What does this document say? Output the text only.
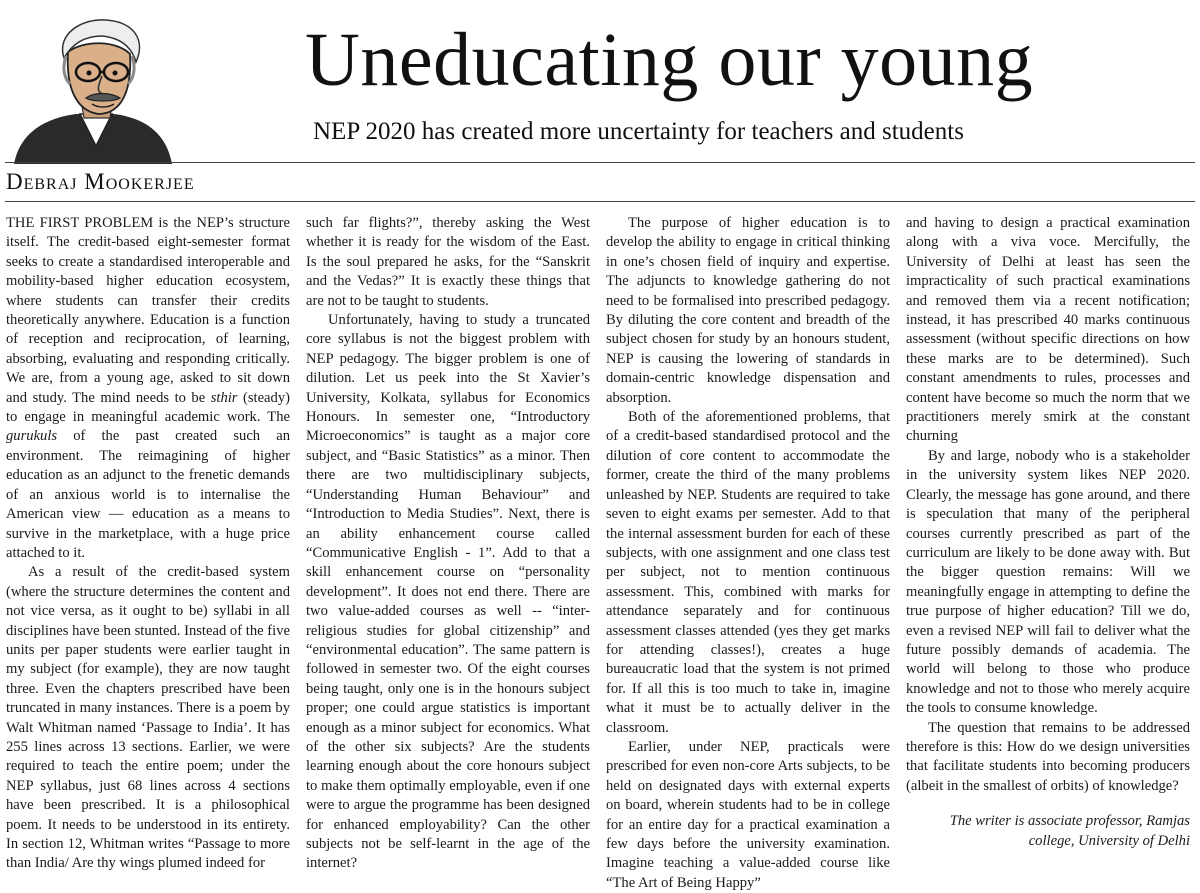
Uneducating our young
NEP 2020 has created more uncertainty for teachers and students
Debraj Mookerjee

THE FIRST PROBLEM is the NEP’s structure itself. The credit-based eight-semester format seeks to create a standardised interoperable and mobility-based higher education ecosystem, where students can transfer their credits theoretically anywhere. Education is a function of reception and reciprocation, of learning, absorbing, evaluating and responding critically. We are, from a young age, asked to sit down and study. The mind needs to be sthir (steady) to engage in meaningful academic work. The gurukuls of the past created such an environment. The reimagining of higher education as an adjunct to the frenetic demands of an anxious world is to internalise the American view — education as a means to survive in the marketplace, with a huge price attached to it.

As a result of the credit-based system (where the structure determines the content and not vice versa, as it ought to be) syllabi in all disciplines have been stunted. Instead of the five units per paper students were earlier taught in my subject (for example), they are now taught three. Even the chapters prescribed have been truncated in many instances. There is a poem by Walt Whitman named ‘Passage to India’. It has 255 lines across 13 sections. Earlier, we were required to teach the entire poem; under the NEP syllabus, just 68 lines across 4 sections have been prescribed. It is a philosophical poem. It needs to be understood in its entirety. In section 12, Whitman writes “Passage to more than India/ Are thy wings plumed indeed for

such far flights?”, thereby asking the West whether it is ready for the wisdom of the East. Is the soul prepared he asks, for the “Sanskrit and the Vedas?” It is exactly these things that are not to be taught to students.

Unfortunately, having to study a truncated core syllabus is not the biggest problem with NEP pedagogy. The bigger problem is one of dilution. Let us peek into the St Xavier’s University, Kolkata, syllabus for Economics Honours. In semester one, “Introductory Microeconomics” is taught as a major core subject, and “Basic Statistics” as a minor. Then there are two multidisciplinary subjects, “Understanding Human Behaviour” and “Introduction to Media Studies”. Next, there is an ability enhancement course called “Communicative English - 1”. Add to that a skill enhancement course on “personality development”. It does not end there. There are two value-added courses as well -- “inter-religious studies for global citizenship” and “environmental education”. The same pattern is followed in semester two. Of the eight courses being taught, only one is in the honours subject proper; one could argue statistics is important enough as a minor subject for economics. What of the other six subjects? Are the students learning enough about the core honours subject to make them optimally employable, even if one were to argue the programme has been designed for enhanced employability? Can the other subjects not be self-learnt in the age of the internet?

The purpose of higher education is to develop the ability to engage in critical thinking in one’s chosen field of inquiry and expertise. The adjuncts to knowledge gathering do not need to be formalised into prescribed pedagogy. By diluting the core content and breadth of the subject chosen for study by an honours student, NEP is causing the lowering of standards in domain-centric knowledge dispensation and absorption.

Both of the aforementioned problems, that of a credit-based standardised protocol and the dilution of core content to accommodate the former, create the third of the many problems unleashed by NEP. Students are required to take seven to eight exams per semester. Add to that the internal assessment burden for each of these subjects, with one assignment and one class test per subject, not to mention continuous assessment. This, combined with marks for attendance separately and for continuous assessment classes attended (yes they get marks for attending classes!), creates a huge bureaucratic load that the system is not primed for. If all this is too much to take in, imagine what it must be to actually deliver in the classroom.

Earlier, under NEP, practicals were prescribed for even non-core Arts subjects, to be held on designated days with external experts on board, wherein students had to be in college for an entire day for a practical examination a few days before the university examination. Imagine teaching a value-added course like “The Art of Being Happy”

and having to design a practical examination along with a viva voce. Mercifully, the University of Delhi at least has seen the impracticality of such practical examinations and removed them via a recent notification; instead, it has prescribed 40 marks continuous assessment (without specific directions on how these marks are to be determined). Such constant amendments to rules, processes and content have become so much the norm that we practitioners merely smirk at the constant churning

By and large, nobody who is a stakeholder in the university system likes NEP 2020. Clearly, the message has gone around, and there is speculation that many of the peripheral courses currently prescribed as part of the curriculum are likely to be done away with. But the bigger question remains: Will we meaningfully engage in attempting to define the true purpose of higher education? Till we do, even a revised NEP will fail to deliver what the future possibly demands of academia. The world will belong to those who produce knowledge and not to those who merely acquire the tools to consume knowledge.

The question that remains to be addressed therefore is this: How do we design universities that facilitate students into becoming producers (albeit in the smallest of orbits) of knowledge?

The writer is associate professor, Ramjas
college, University of Delhi
